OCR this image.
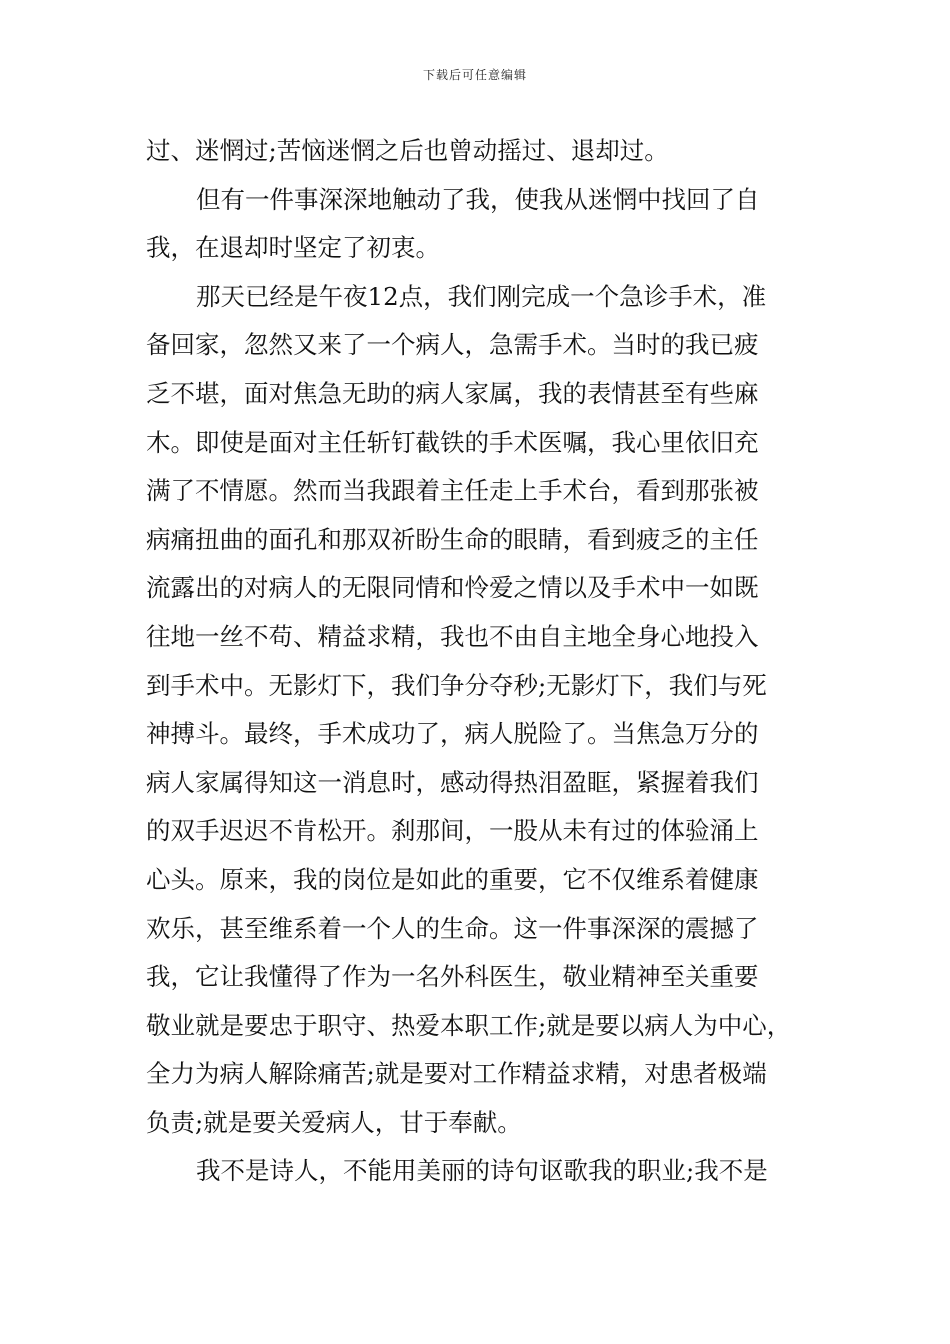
下载后可任意编辑
过、迷惘过;苦恼迷惘之后也曾动摇过、退却过。
但有一件事深深地触动了我，使我从迷惘中找回了自
我，在退却时坚定了初衷。
那天已经是午夜12点，我们刚完成一个急诊手术，准
备回家，忽然又来了一个病人，急需手术。当时的我已疲
乏不堪，面对焦急无助的病人家属，我的表情甚至有些麻
木。即使是面对主任斩钉截铁的手术医嘱，我心里依旧充
满了不情愿。然而当我跟着主任走上手术台，看到那张被
病痛扭曲的面孔和那双祈盼生命的眼睛，看到疲乏的主任
流露出的对病人的无限同情和怜爱之情以及手术中一如既
往地一丝不苟、精益求精，我也不由自主地全身心地投入
到手术中。无影灯下，我们争分夺秒;无影灯下，我们与死
神搏斗。最终，手术成功了，病人脱险了。当焦急万分的
病人家属得知这一消息时，感动得热泪盈眶，紧握着我们
的双手迟迟不肯松开。刹那间，一股从未有过的体验涌上
心头。原来，我的岗位是如此的重要，它不仅维系着健康
欢乐，甚至维系着一个人的生命。这一件事深深的震撼了
我，它让我懂得了作为一名外科医生，敬业精神至关重要
敬业就是要忠于职守、热爱本职工作;就是要以病人为中心，
全力为病人解除痛苦;就是要对工作精益求精，对患者极端
负责;就是要关爱病人，甘于奉献。
我不是诗人，不能用美丽的诗句讴歌我的职业;我不是
